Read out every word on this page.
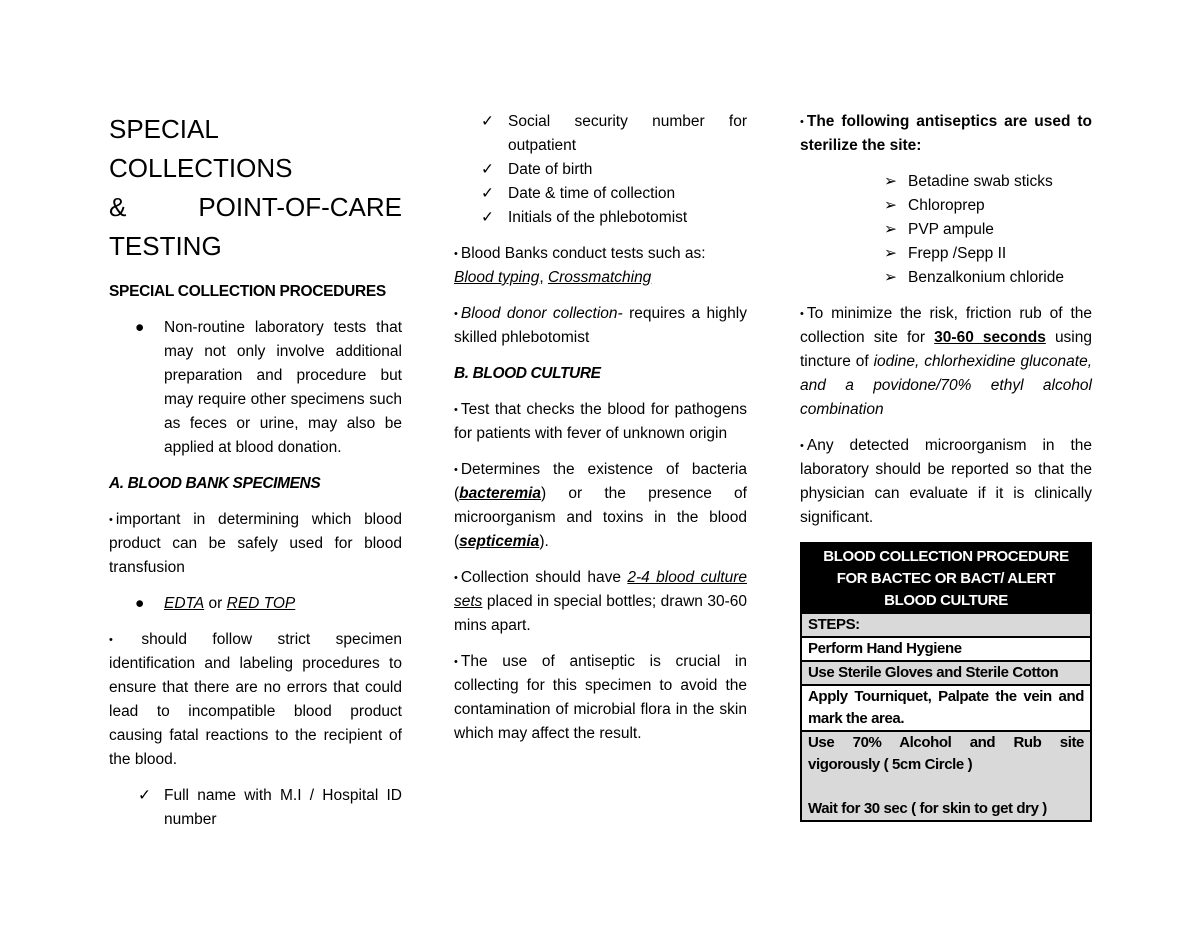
SPECIAL COLLECTIONS
& POINT-OF-CARE
TESTING
SPECIAL COLLECTION PROCEDURES
● Non-routine laboratory tests that may not only involve additional preparation and procedure but may require other specimens such as feces or urine, may also be applied at blood donation.
A. BLOOD BANK SPECIMENS

• important in determining which blood product can be safely used for blood transfusion

● EDTA or RED TOP

• should follow strict specimen identification and labeling procedures to ensure that there are no errors that could lead to incompatible blood product causing fatal reactions to the recipient of the blood.

✓ Full name with M.I / Hospital ID number
✓ Social security number for outpatient
✓ Date of birth
✓ Date & time of collection
✓ Initials of the phlebotomist

• Blood Banks conduct tests such as:
Blood typing, Crossmatching

• Blood donor collection- requires a highly skilled phlebotomist

B. BLOOD CULTURE

• Test that checks the blood for pathogens for patients with fever of unknown origin

• Determines the existence of bacteria (bacteremia) or the presence of microorganism and toxins in the blood (septicemia).

• Collection should have 2-4 blood culture sets placed in special bottles; drawn 30-60 mins apart.

• The use of antiseptic is crucial in collecting for this specimen to avoid the contamination of microbial flora in the skin which may affect the result.

• The following antiseptics are used to sterilize the site:

➢ Betadine swab sticks
➢ Chloroprep
➢ PVP ampule
➢ Frepp /Sepp II
➢ Benzalkonium chloride

• To minimize the risk, friction rub of the collection site for 30-60 seconds using tincture of iodine, chlorhexidine gluconate, and a povidone/70% ethyl alcohol combination

• Any detected microorganism in the laboratory should be reported so that the physician can evaluate if it is clinically significant.

BLOOD COLLECTION PROCEDURE FOR BACTEC OR BACT/ ALERT BLOOD CULTURE
STEPS:
Perform Hand Hygiene
Use Sterile Gloves and Sterile Cotton
Apply Tourniquet, Palpate the vein and mark the area.
Use 70% Alcohol and Rub site vigorously ( 5cm Circle )
Wait for 30 sec ( for skin to get dry )
